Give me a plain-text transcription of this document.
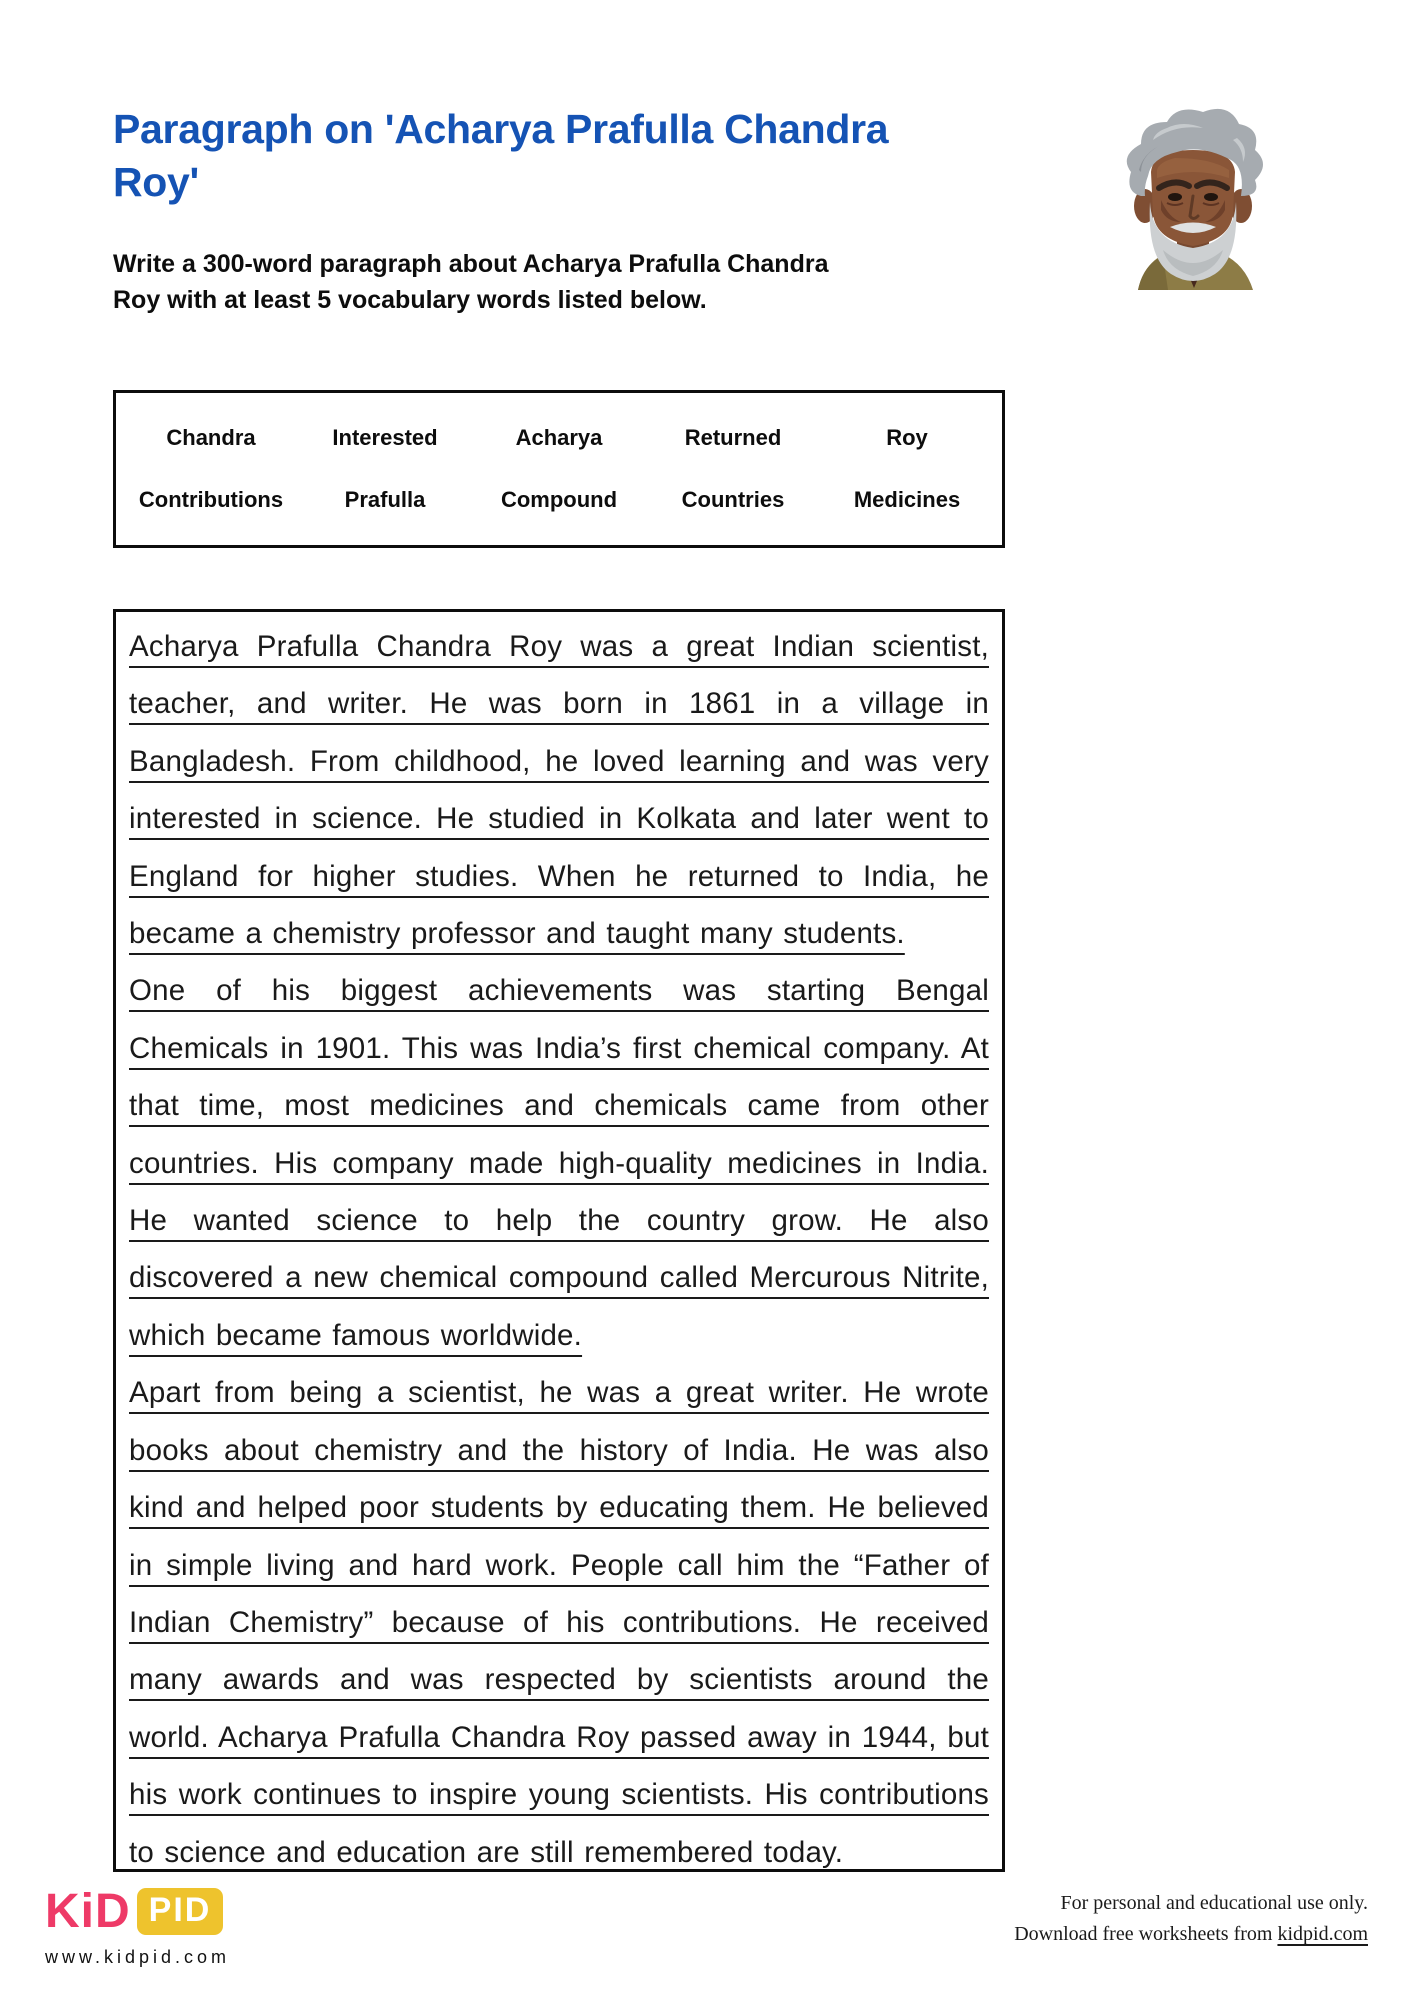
Paragraph on 'Acharya Prafulla Chandra Roy'
Write a 300-word paragraph about Acharya Prafulla Chandra Roy with at least 5 vocabulary words listed below.
Chandra	Interested	Acharya	Returned	Roy
Contributions	Prafulla	Compound	Countries	Medicines

Acharya Prafulla Chandra Roy was a great Indian scientist, teacher, and writer. He was born in 1861 in a village in Bangladesh. From childhood, he loved learning and was very interested in science. He studied in Kolkata and later went to England for higher studies. When he returned to India, he became a chemistry professor and taught many students.

One of his biggest achievements was starting Bengal Chemicals in 1901. This was India’s first chemical company. At that time, most medicines and chemicals came from other countries. His company made high-quality medicines in India. He wanted science to help the country grow. He also discovered a new chemical compound called Mercurous Nitrite, which became famous worldwide.

Apart from being a scientist, he was a great writer. He wrote books about chemistry and the history of India. He was also kind and helped poor students by educating them. He believed in simple living and hard work. People call him the “Father of Indian Chemistry” because of his contributions. He received many awards and was respected by scientists around the world. Acharya Prafulla Chandra Roy passed away in 1944, but his work continues to inspire young scientists. His contributions to science and education are still remembered today.

KiD PID
www.kidpid.com
For personal and educational use only.
Download free worksheets from kidpid.com
